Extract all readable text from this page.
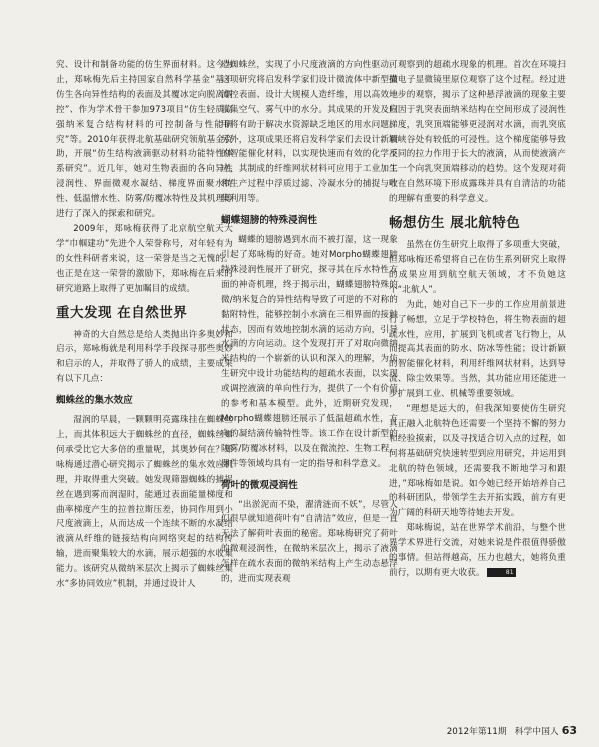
究、设计和制备功能的仿生界面材料。这今为止，郑咏梅先后主持国家自然科学基金“基于仿生各向异性结构的表面及其覆冰定向脱离调控”、作为学术骨干参加973项目“仿生轻质高强纳米复合结构材料的可控制备与性能研究”等。2010年获得北航基础研究领航基金资助，开展“仿生结构液滴驱动材料功能特性体系研究”。近几年，她对生物表面的各向异性浸润性、界面微观水凝结、梯度界面聚水特性、低温憎水性、防雾/防覆冰特性及其机理等进行了深入的探索和研究。

2009年，郑咏梅获得了北京航空航天大学“巾帼建功”先进个人荣誉称号，对年轻有为的女性科研者来说，这一荣誉是当之无愧的。也正是在这一荣誉的激励下，郑咏梅在后来的研究道路上取得了更加瞩目的成绩。

重大发现 在自然世界

神奇的大自然总是给人类抛出许多奥妙和启示，郑咏梅就是利用科学手段探寻那些奥妙和启示的人，并取得了骄人的成绩，主要成果有以下几点：

蜘蛛丝的集水效应

湿润的早晨，一颗颗明亮露珠挂在蜘蛛丝上，而其体积远大于蜘蛛丝的直径，蜘蛛丝如何承受比它大多倍的重量呢，其奥妙何在？郑咏梅通过潜心研究揭示了蜘蛛丝的集水效应机理，并取得重大突破。她发现筛器蜘蛛的捕捉丝在遇到雾而润湿时，能通过表面能量梯度和曲率梯度产生的拉普拉斯压差，协同作用到小尺度液滴上，从而达成一个连续不断的水凝结液滴从纤维的链接结构向网络突起的结构传输，进而聚集较大的水滴，展示超强的水收集能力。该研究从微纳米层次上揭示了蜘蛛丝集水“多协同效应”机制，并通过设计人

造蜘蛛丝，实现了小尺度液滴的方向性驱动。这项研究将启发科学家们设计微流体中新型微流控表面、设计大规模人造纤维，用以高效地收集空气、雾气中的水分。其成果的开发及应用将有助于解决水资源缺乏地区的用水问题。另外，这项成果还将启发科学家们去设计新颖的智能催化材料，以实现快速而有效的化学反应，其制成的纤维网状材料可应用于工业加工和生产过程中浮质过滤、冷凝水分的捕捉与收集利用等。

蝴蝶翅膀的特殊浸润性

蝴蝶的翅膀遇到水而不被打湿，这一现象引起了郑咏梅的好奇。她对Morpho蝴蝶翅膀特殊浸润性展开了研究，探寻其在斥水特性方面的神奇机理，终于揭示出，蝴蝶翅膀特殊的微/纳米复合的异性结构导致了可逆的不对称的黏附特性，能够控制小水滴在三相界面的接触状态，因而有效地控制水滴的运动方向，引导水滴的方向运动。这个发现打开了对取向微纳米结构的一个崭新的认识和深入的理解，为仿生研究中设计功能结构的超疏水表面，以实现或调控液滴的单向性行为，提供了一个有价值的参考和基本模型。此外，近期研究发现，Morpho蝴蝶翅膀还展示了低温超疏水性，方向的凝结滴传输特性等。该工作在设计新型的防雾/防覆冰材料，以及在微流控、生物工程、器件等领域均具有一定的指导和科学意义。

荷叶的微观浸润性

“出淤泥而不染，濯清涟而不妖”，尽管人们很早就知道荷叶有“自清洁”效应，但是一直无法了解荷叶表面的秘密。郑咏梅研究了荷叶的微观浸润性，在微纳米层次上，揭示了液滴怎样在疏水表面的微纳米结构上产生动态悬浮的，进而实现表观

可观察到的超疏水现象的机理。首次在环境扫描电子显微镜里原位观察了这个过程。经过进一步的观察，揭示了这种悬浮液滴的现象主要归因于乳突表面纳米结构在空间形成了浸润性梯度，乳突顶端能够更浸润对水滴，而乳突底端峡谷处有较低的可浸性。这个梯度能够导致不同的拉力作用于长大的液滴，从而使液滴产生一个向乳突顶端移动的趋势。这个发现对荷叶在自然环境下形成露珠并具有自清洁的功能的理解有重要的科学意义。

畅想仿生 展北航特色

虽然在仿生研究上取得了多项重大突破，但郑咏梅还希望将自己在仿生系列研究上取得的成果应用到航空航天领域，才不负她这个“北航人”。

为此，她对自己下一步的工作应用前景进行了畅想，立足于学校特色，将生物表面的超疏水性，应用，扩展到飞机或者飞行物上，从而提高其表面的防水、防冰等性能；设计新颖的智能催化材料，利用纤维网状材料，达到导流、除尘效果等。当然，其功能应用还能进一步扩展到工业、机械等重要领域。

“理想是远大的，但我深知要使仿生研究真正融入北航特色还需要一个坚持不懈的努力和经验摸索，以及寻找适合切入点的过程，如何将基础研究快速转型到应用研究，并运用到北航的特色领域，还需要我不断地学习和跟进，”郑咏梅如是说。如今她已经开始培养自己的科研团队，带领学生去开拓实践，前方有更为广阔的科研天地等待她去开发。

郑咏梅说，站在世界学术前沿，与整个世界学术界进行交流，对她来说是件很值得骄傲的事情。但站得越高，压力也越大，她将负重前行，以期有更大收获。	81

2012年第11期 科学中国人 63
